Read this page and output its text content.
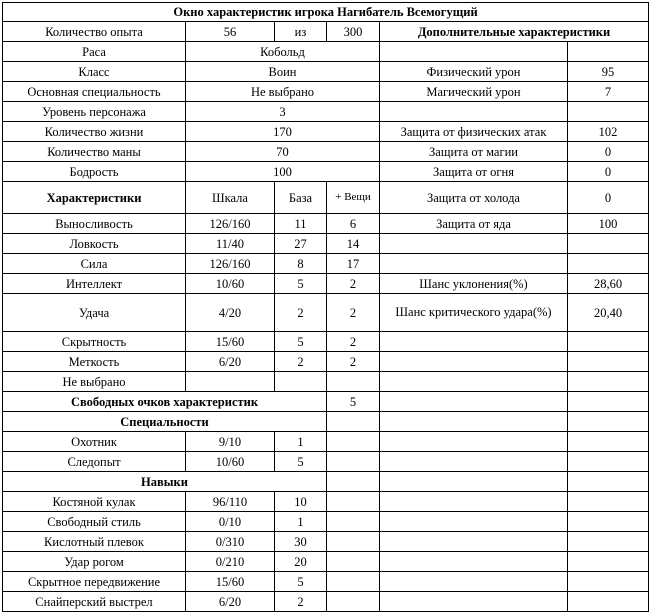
Окно характеристик игрока Нагибатель Всемогущий					
Количество опыта	56	из	300	Дополнительные характеристики	
Раса	Кобольд				
Класс	Воин			Физический урон	95
Основная специальность	Не выбрано			Магический урон	7
Уровень персонажа	3				
Количество жизни	170			Защита от физических атак	102
Количество маны	70			Защита от магии	0
Бодрость	100			Защита от огня	0
Характеристики	Шкала	База	+ Вещи	Защита от холода	0
Выносливость	126/160	11	6	Защита от яда	100
Ловкость	11/40	27	14		
Сила	126/160	8	17		
Интеллект	10/60	5	2	Шанс уклонения(%)	28,60
Удача	4/20	2	2	Шанс критического удара(%)	20,40
Скрытность	15/60	5	2		
Меткость	6/20	2	2		
Не выбрано					
Свободных очков характеристик			5		
Специальности					
Охотник	9/10	1			
Следопыт	10/60	5			
Навыки					
Костяной кулак	96/110	10			
Свободный стиль	0/10	1			
Кислотный плевок	0/310	30			
Удар рогом	0/210	20			
Скрытное передвижение	15/60	5			
Снайперский выстрел	6/20	2			
